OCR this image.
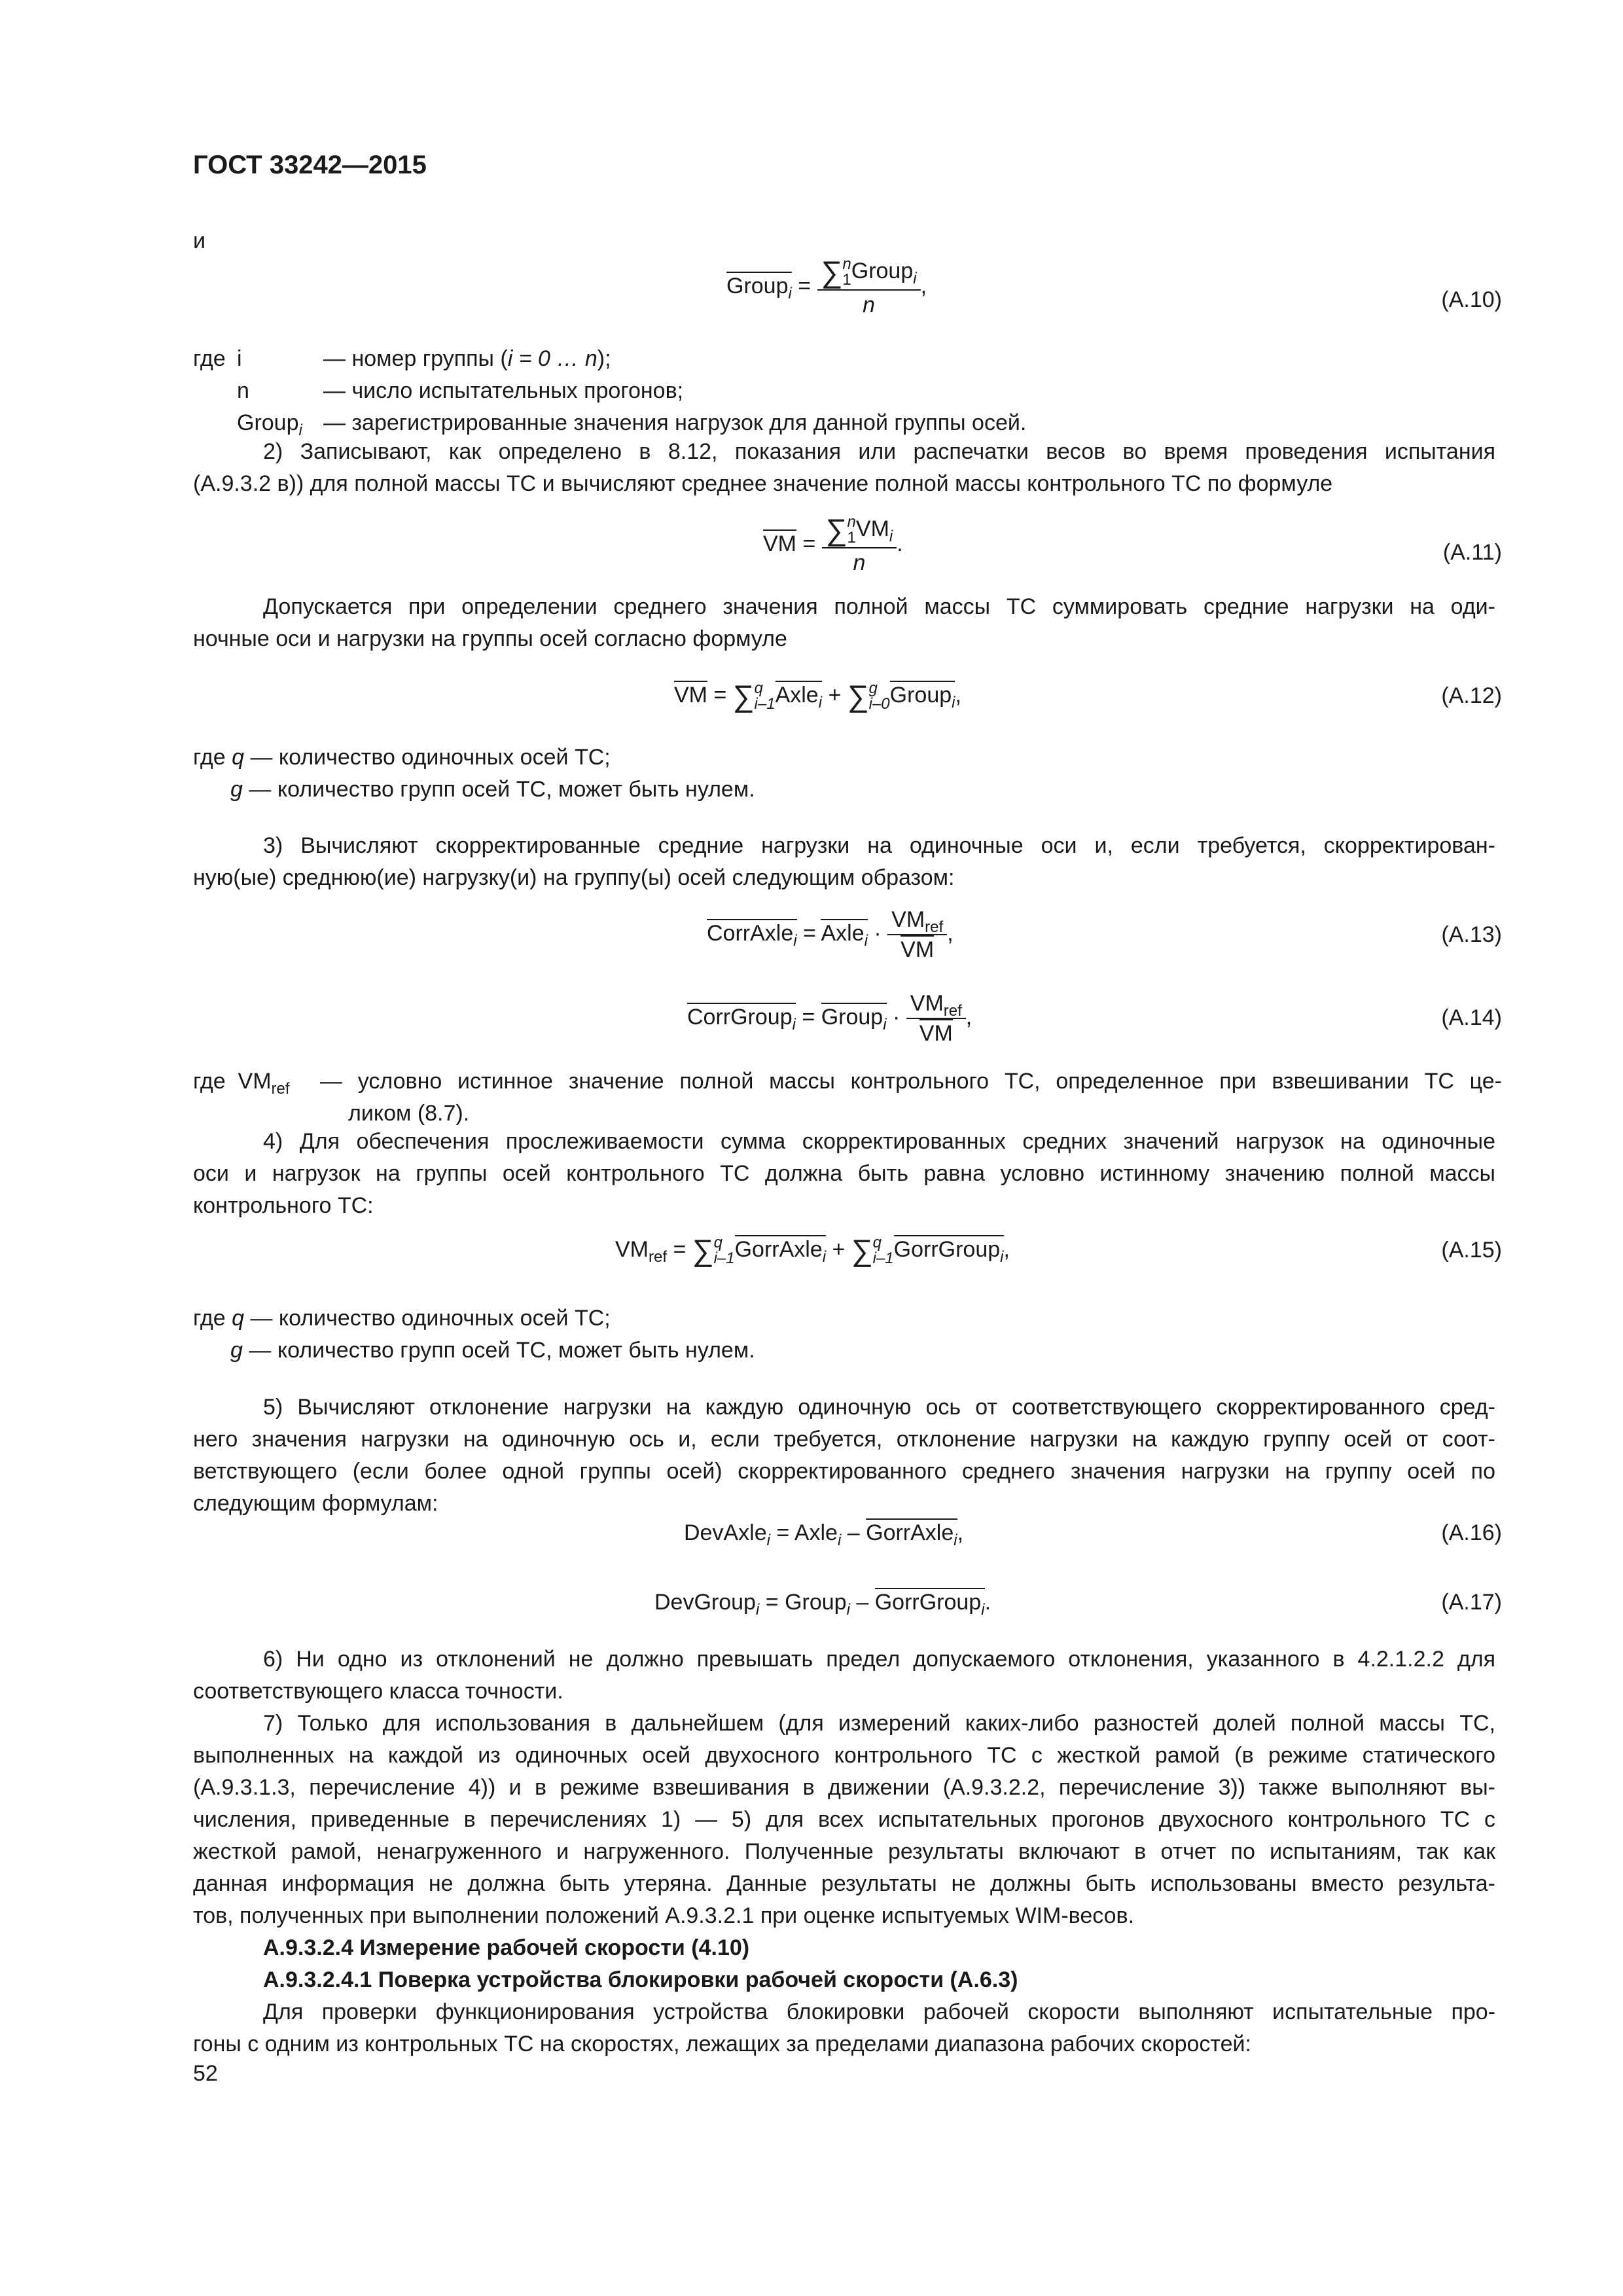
ГОСТ 33242—2015
и
Group$_i$ = ∑ n
1 Group$_i$
n ,
(A.10)
где i	— номер группы (i = 0 … n);
n	— число испытательных прогонов;
Group$_i$ — зарегистрированные значения нагрузок для данной группы осей.
2) Записывают, как определено в 8.12, показания или распечатки весов во время проведения испытания
(A.9.3.2 в)) для полной массы ТС и вычисляют среднее значение полной массы контрольного ТС по формуле
VM = ∑ n
1 $VM_i$
n .	(A.11)
Допускается при определении среднего значения полной массы ТС суммировать средние нагрузки на оди-
ночные оси и нагрузки на группы осей согласно формуле
VM = ∑ q
i–1 Axle$_i$ + ∑ g
i–0 Group$_i$,	(A.12)
где q — количество одиночных осей ТС;
g — количество групп осей ТС, может быть нулем.
3) Вычисляют скорректированные средние нагрузки на одиночные оси и, если требуется, скорректирован-
ную(ые) среднюю(ие) нагрузку(и) на группу(ы) осей следующим образом:
CorrAxle$_i$ = Axle$_i$ · $\frac{VM_{ref}}{VM}$ ,	(A.13)
CorrGroup$_i$ = Group$_i$ · $\frac{VM_{ref}}{VM}$ ,	(A.14)
где $VM_{ref}$ — условно истинное значение полной массы контрольного ТС, определенное при взвешивании ТС це-
ликом (8.7).
4) Для обеспечения прослеживаемости сумма скорректированных средних значений нагрузок на одиночные
оси и нагрузок на группы осей контрольного ТС должна быть равна условно истинному значению полной массы
контрольного ТС:
$VM_{ref}$ = ∑ q
i–1 GorrAxle$_i$ + ∑ q
i–1 GorrGroup$_i$,	(A.15)
где q — количество одиночных осей ТС;
g — количество групп осей ТС, может быть нулем.
5) Вычисляют отклонение нагрузки на каждую одиночную ось от соответствующего скорректированного сред-
него значения нагрузки на одиночную ось и, если требуется, отклонение нагрузки на каждую группу осей от соот-
ветствующего (если более одной группы осей) скорректированного среднего значения нагрузки на группу осей по
следующим формулам:
DevAxle$_i$ = Axle$_i$ – GorrAxle$_i$,	(A.16)
DevGroup$_i$ = Group$_i$ – GorrGroup$_i$.	(A.17)
6) Ни одно из отклонений не должно превышать предел допускаемого отклонения, указанного в 4.2.1.2.2 для
соответствующего класса точности.
7) Только для использования в дальнейшем (для измерений каких-либо разностей долей полной массы ТС,
выполненных на каждой из одиночных осей двухосного контрольного ТС с жесткой рамой (в режиме статического
(A.9.3.1.3, перечисление 4)) и в режиме взвешивания в движении (A.9.3.2.2, перечисление 3)) также выполняют вы-
числения, приведенные в перечислениях 1) — 5) для всех испытательных прогонов двухосного контрольного ТС с
жесткой рамой, ненагруженного и нагруженного. Полученные результаты включают в отчет по испытаниям, так как
данная информация не должна быть утеряна. Данные результаты не должны быть использованы вместо результа-
тов, полученных при выполнении положений A.9.3.2.1 при оценке испытуемых WIM-весов.
A.9.3.2.4 Измерение рабочей скорости (4.10)
A.9.3.2.4.1 Поверка устройства блокировки рабочей скорости (A.6.3)
Для проверки функционирования устройства блокировки рабочей скорости выполняют испытательные про-
гоны с одним из контрольных ТС на скоростях, лежащих за пределами диапазона рабочих скоростей:
52
